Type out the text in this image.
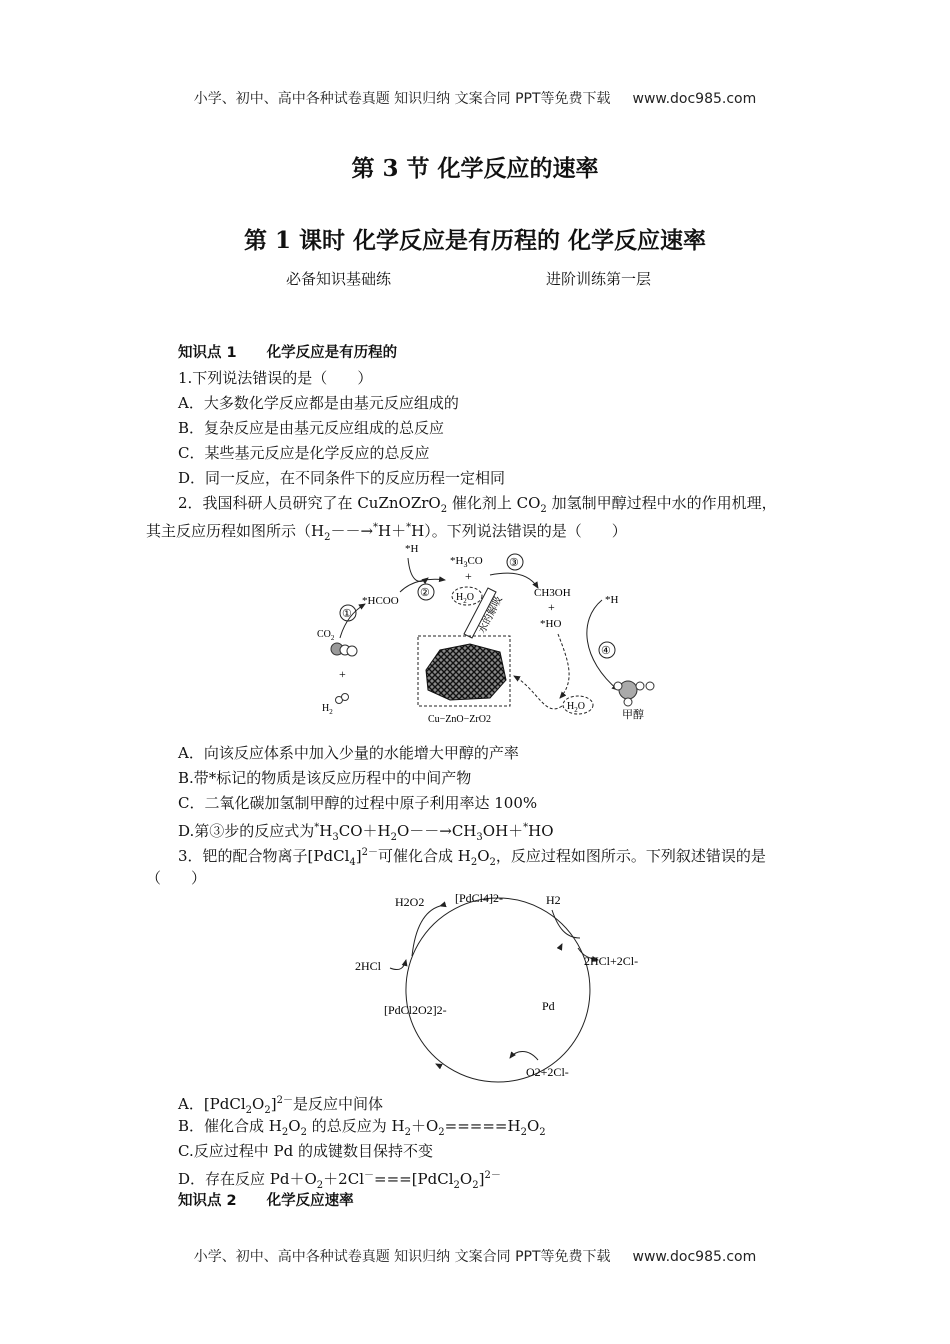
小学、初中、高中各种试卷真题 知识归纳 文案合同 PPT等免费下载 www.doc985.com
第 3 节 化学反应的速率
第 1 课时 化学反应是有历程的 化学反应速率
必备知识基础练	进阶训练第一层
知识点 1 化学反应是有历程的
1.下列说法错误的是（　　）
A．大多数化学反应都是由基元反应组成的
B．复杂反应是由基元反应组成的总反应
C．某些基元反应是化学反应的总反应
D．同一反应，在不同条件下的反应历程一定相同
2．我国科研人员研究了在 CuZnOZrO$_2$ 催化剂上 $CO_2$ 加氢制甲醇过程中水的作用机理，
其主反应历程如图所示$(H_2--\to^*H+^*H)$。下列说法错误的是（　　）
*H
$*H_3CO$
+
$H_2O$
③
*HCOO
②
①
$CO_2$
+
$H_2$
Cu−ZnO−ZrO2
水的解吸
CH3OH
+
*HO
*H
④
$H_2O$
甲醇
A．向该反应体系中加入少量的水能增大甲醇的产率
B.带*标记的物质是该反应历程中的中间产物
C．二氧化碳加氢制甲醇的过程中原子利用率达 100%
D.第③步的反应式为$^*H_3CO+H_2O--\to CH_3OH+^*HO$
3．钯的配合物离子[PdCl$_4$]$^{2-}$可催化合成 $H_2O_2$，反应过程如图所示。下列叙述错误的是
（　　）
H2O2	[PdCl4]2-	H2
2HCl+2Cl-
2HCl
[PdCl2O2]2-	Pd
O2+2Cl-
A．$[PdCl_2O_2]^{2-}$是反应中间体
B．催化合成 $H_2O_2$ 的总反应为 $H_2+O_2=====H_2O_2$
C.反应过程中 Pd 的成键数目保持不变
D．存在反应 $Pd+O_2+2Cl^-===[PdCl_2O_2]^{2-}$
知识点 2 化学反应速率
小学、初中、高中各种试卷真题 知识归纳 文案合同 PPT等免费下载 www.doc985.com
